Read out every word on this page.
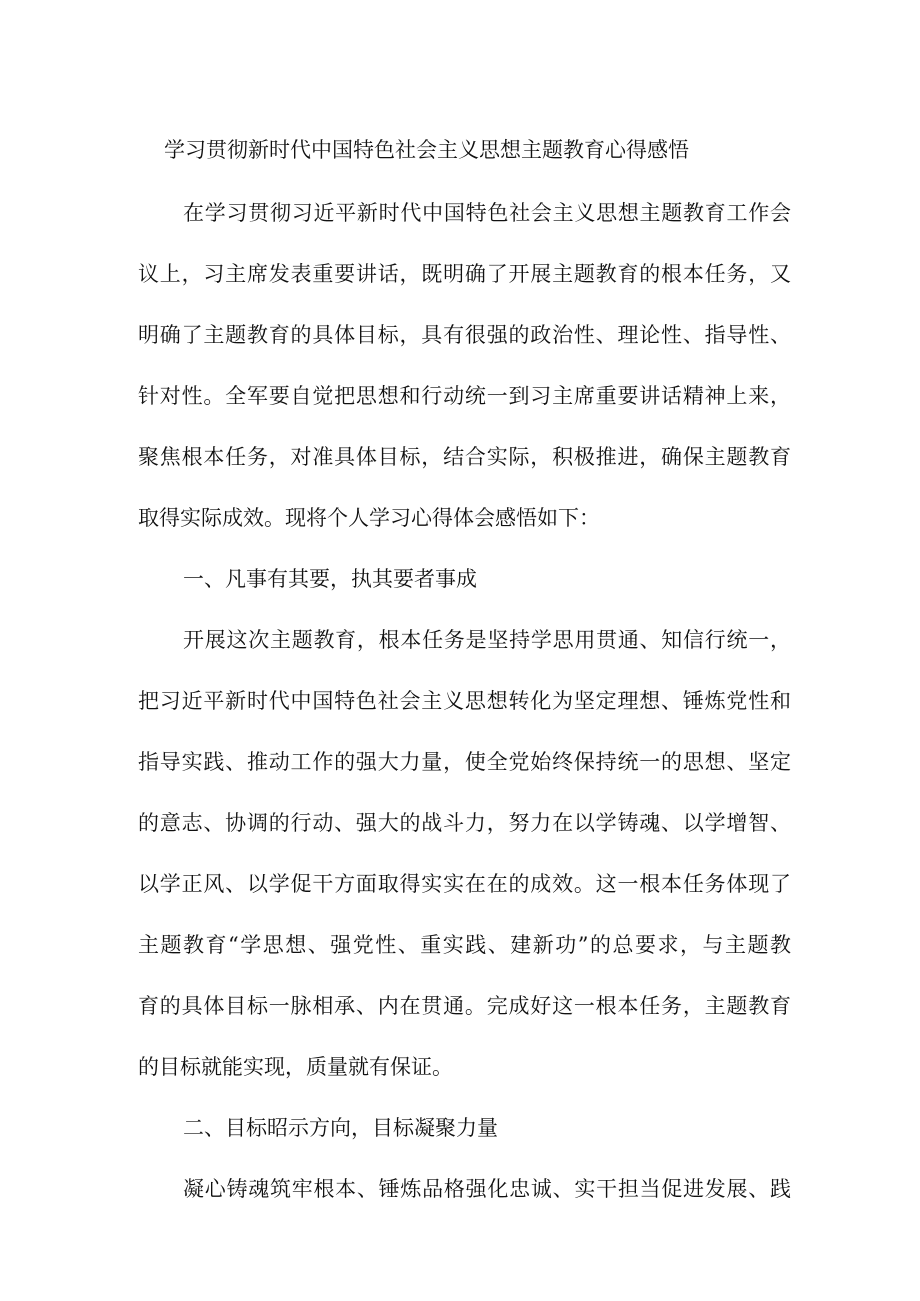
学习贯彻新时代中国特色社会主义思想主题教育心得感悟

在学习贯彻习近平新时代中国特色社会主义思想主题教育工作会

议上，习主席发表重要讲话，既明确了开展主题教育的根本任务，又

明确了主题教育的具体目标，具有很强的政治性、理论性、指导性、

针对性。全军要自觉把思想和行动统一到习主席重要讲话精神上来，

聚焦根本任务，对准具体目标，结合实际，积极推进，确保主题教育

取得实际成效。现将个人学习心得体会感悟如下：

一、凡事有其要，执其要者事成

开展这次主题教育，根本任务是坚持学思用贯通、知信行统一，

把习近平新时代中国特色社会主义思想转化为坚定理想、锤炼党性和

指导实践、推动工作的强大力量，使全党始终保持统一的思想、坚定

的意志、协调的行动、强大的战斗力，努力在以学铸魂、以学增智、

以学正风、以学促干方面取得实实在在的成效。这一根本任务体现了

主题教育“学思想、强党性、重实践、建新功”的总要求，与主题教

育的具体目标一脉相承、内在贯通。完成好这一根本任务，主题教育

的目标就能实现，质量就有保证。

二、目标昭示方向，目标凝聚力量

凝心铸魂筑牢根本、锤炼品格强化忠诚、实干担当促进发展、践
